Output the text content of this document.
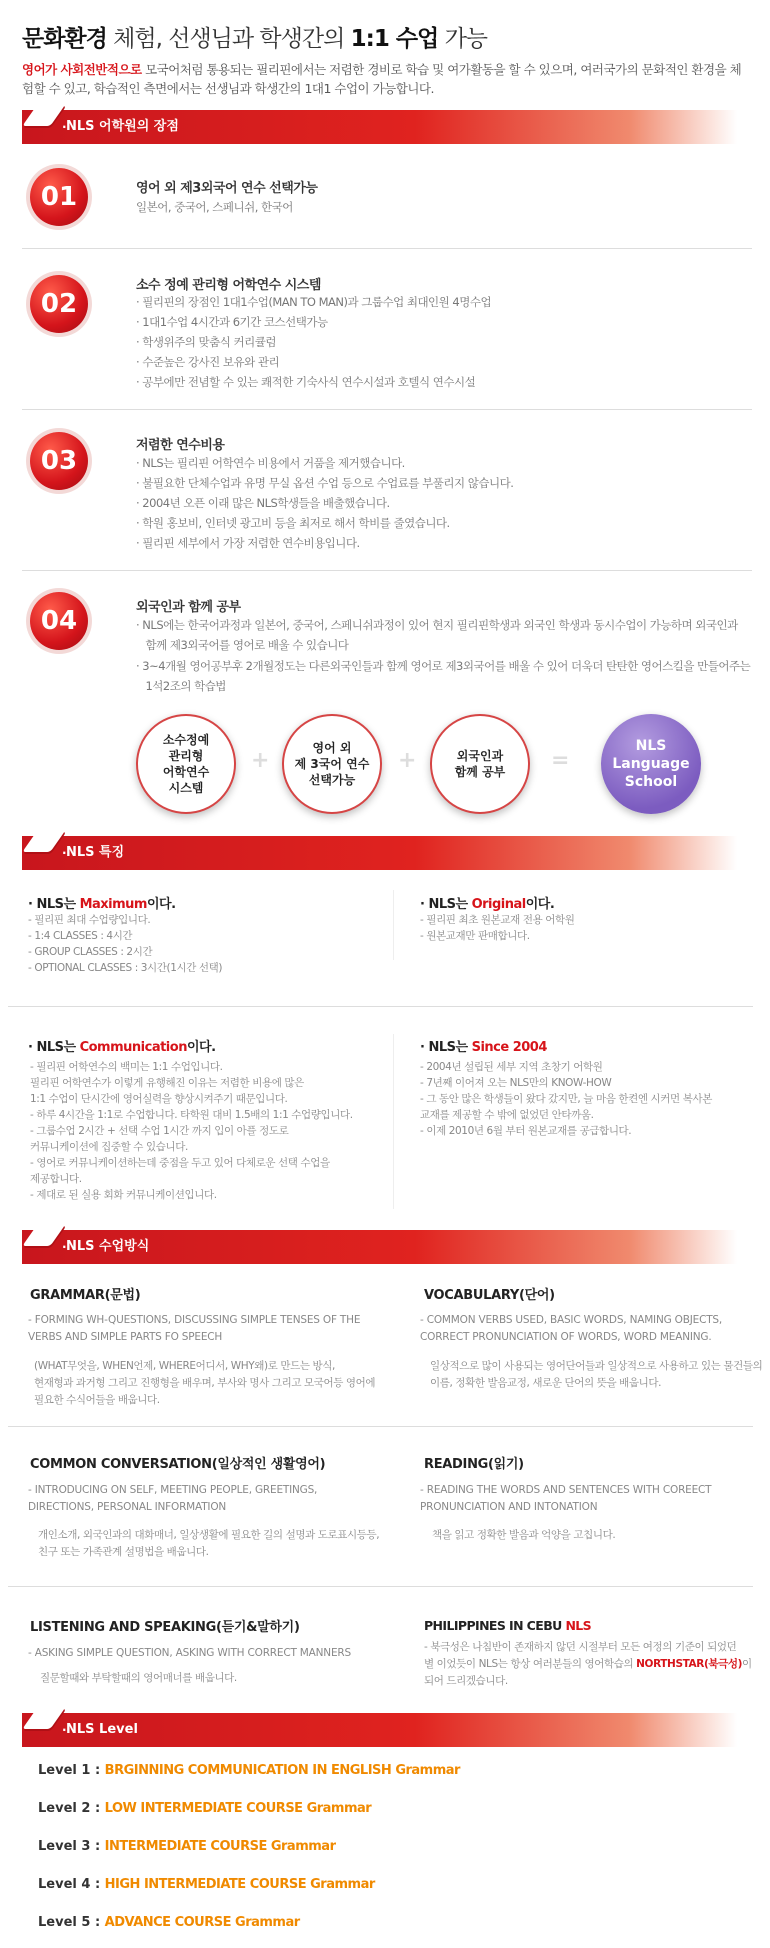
문화환경 체험, 선생님과 학생간의 1:1 수업 가능
영어가 사회전반적으로 모국어처럼 통용되는 필리핀에서는 저렴한 경비로 학습 및 여가활동을 할 수 있으며, 여러국가의 문화적인 환경을 체험할 수 있고, 학습적인 측면에서는 선생님과 학생간의 1대1 수업이 가능합니다.
· NLS 어학원의 장점
01	영어 외 제3외국어 연수 선택가능
일본어, 중국어, 스페니쉬, 한국어
02
소수 정예 관리형 어학연수 시스템
· 필리핀의 장점인 1대1수업(MAN TO MAN)과 그룹수업 최대인원 4명수업
· 1대1수업 4시간과 6기간 코스선택가능
· 학생위주의 맞춤식 커리큘럼
· 수준높은 강사진 보유와 관리
· 공부에만 전념할 수 있는 쾌적한 기숙사식 연수시설과 호텔식 연수시설
03
저렴한 연수비용
· NLS는 필리핀 어학연수 비용에서 거품을 제거했습니다.
· 불필요한 단체수업과 유명 무실 옵션 수업 등으로 수업료를 부풀리지 않습니다.
· 2004년 오픈 이래 많은 NLS학생들을 배출했습니다.
· 학원 홍보비, 인터넷 광고비 등을 최저로 해서 학비를 줄였습니다.
· 필리핀 세부에서 가장 저렴한 연수비용입니다.
04	외국인과 함께 공부
· NLS에는 한국어과정과 일본어, 중국어, 스페니쉬과정이 있어 현지 필리핀학생과 외국인 학생과 동시수업이 가능하며 외국인과
함께 제3외국어를 영어로 배울 수 있습니다
· 3~4개월 영어공부후 2개월정도는 다른외국인들과 함께 영어로 제3외국어를 배울 수 있어 더욱더 탄탄한 영어스킬을 만들어주는
1석2조의 학습법
소수정예
관리형
어학연수
시스템
+	영어 외
제 3국어 연수
선택가능
+	외국인과
함께 공부	=
NLS
Language
School
· NLS 특징
· NLS는 Maximum이다.
- 필리핀 최대 수업량입니다.
- 1:4 CLASSES : 4시간
- GROUP CLASSES : 2시간
- OPTIONAL CLASSES : 3시간(1시간 선택)
· NLS는 Original이다.
- 필리핀 최초 원본교재 전용 어학원
- 원본교재만 판매합니다.
· NLS는 Communication이다.
- 필리핀 어학연수의 백미는 1:1 수업입니다.
필리핀 어학연수가 이렇게 유행해진 이유는 저렴한 비용에 많은
1:1 수업이 단시간에 영어실력을 향상시켜주기 때문입니다.
- 하루 4시간을 1:1로 수업합니다. 타학원 대비 1.5배의 1:1 수업량입니다.
- 그룹수업 2시간 + 선택 수업 1시간 까지 입이 아플 정도로
커뮤니케이션에 집중할 수 있습니다.
- 영어로 커뮤니케이션하는데 중점을 두고 있어 다체로운 선택 수업을
제공합니다.
- 제대로 된 실용 회화 커뮤니케이션입니다.
· NLS는 Since 2004
- 2004년 설립된 세부 지역 초창기 어학원
- 7년째 이어져 오는 NLS만의 KNOW-HOW
- 그 동안 많은 학생들이 왔다 갔지만, 늘 마음 한켠엔 시커먼 복사본
교재를 제공할 수 밖에 없었던 안타까움.
- 이제 2010년 6월 부터 원본교재를 공급합니다.
· NLS 수업방식
GRAMMAR(문법)
- FORMING WH-QUESTIONS, DISCUSSING SIMPLE TENSES OF THE
VERBS AND SIMPLE PARTS FO SPEECH
(WHAT무엇을, WHEN언제, WHERE어디서, WHY왜)로 만드는 방식,
현재형과 과거형 그리고 진행형을 배우며, 부사와 명사 그리고 모국어등 영어에
필요한 수식어들을 배웁니다.
VOCABULARY(단어)
- COMMON VERBS USED, BASIC WORDS, NAMING OBJECTS,
CORRECT PRONUNCIATION OF WORDS, WORD MEANING.
일상적으로 많이 사용되는 영어단어들과 일상적으로 사용하고 있는 물건들의
이름, 정확한 발음교정, 새로운 단어의 뜻을 배웁니다.
COMMON CONVERSATION(일상적인 생활영어)
- INTRODUCING ON SELF, MEETING PEOPLE, GREETINGS,
DIRECTIONS, PERSONAL INFORMATION
개인소개, 외국인과의 대화매너, 일상생활에 필요한 길의 설명과 도로표시등등,
친구 또는 가족관계 설명법을 배웁니다.
READING(읽기)
- READING THE WORDS AND SENTENCES WITH COREECT
PRONUNCIATION AND INTONATION
책을 읽고 정확한 발음과 억양을 고칩니다.
LISTENING AND SPEAKING(듣기&말하기)
- ASKING SIMPLE QUESTION, ASKING WITH CORRECT MANNERS
질문할때와 부탁할때의 영어매너를 배웁니다.
PHILIPPINES IN CEBU NLS
- 북극성은 나침반이 존재하지 않던 시절부터 모든 여정의 기준이 되었던
별 이었듯이 NLS는 항상 여러분들의 영어학습의 NORTHSTAR(북극성)이
되어 드리겠습니다.
· NLS Level
Level 1 : BRGINNING COMMUNICATION IN ENGLISH Grammar
Level 2 : LOW INTERMEDIATE COURSE Grammar
Level 3 : INTERMEDIATE COURSE Grammar
Level 4 : HIGH INTERMEDIATE COURSE Grammar
Level 5 : ADVANCE COURSE Grammar
